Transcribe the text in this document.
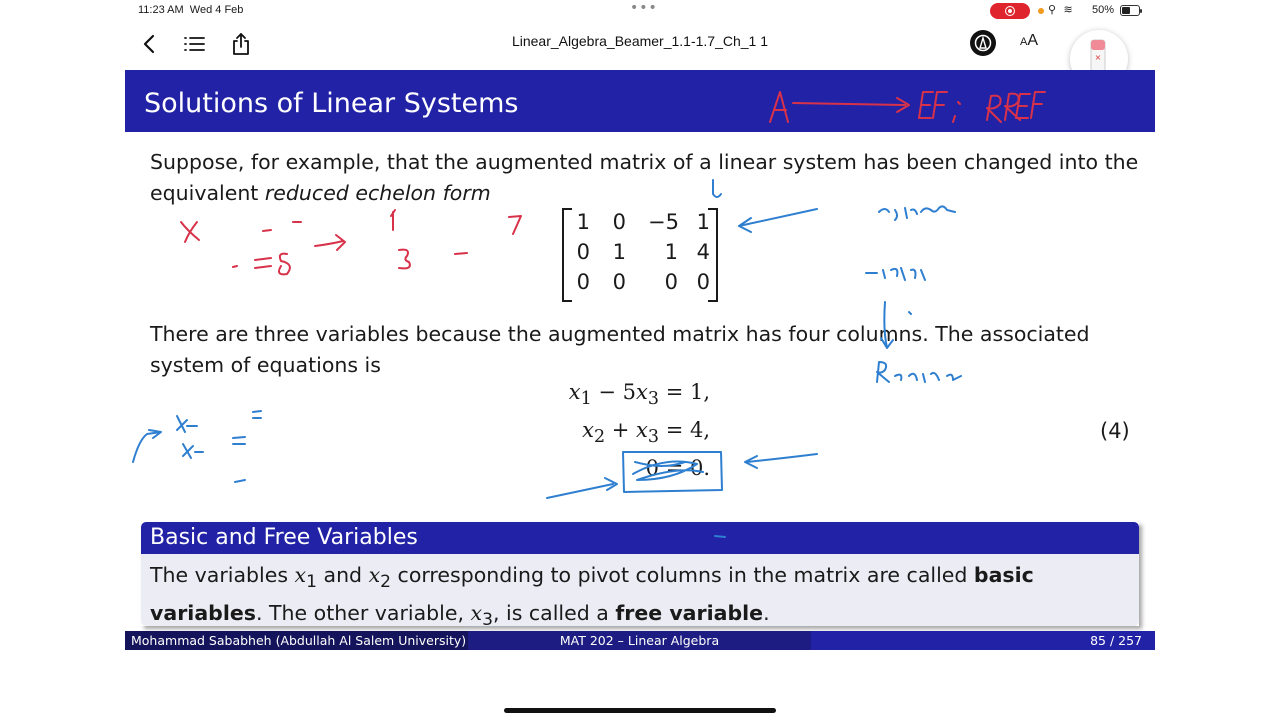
11:23 AM Wed 4 Feb	•••	⚲ ≋ 50%
Linear_Algebra_Beamer_1.1-1.7_Ch_1 1	AA
×
Solutions of Linear Systems
Suppose, for example, that the augmented matrix of a linear system has been changed into the equivalent reduced echelon form
1	0 −5 1
0	1	1 4
0	0	0 0
There are three variables because the augmented matrix has four columns. The associated system of equations is
$x_1 - 5x_3 = 1$,
$x_2 + x_3 = 4$,
0 = 0.
(4)
Basic and Free Variables
The variables $x_1$ and $x_2$ corresponding to pivot columns in the matrix are called basic variables. The other variable, $x_3$, is called a free variable.
Mohammad Sababheh (Abdullah Al Salem University)	MAT 202 – Linear Algebra	85 / 257
